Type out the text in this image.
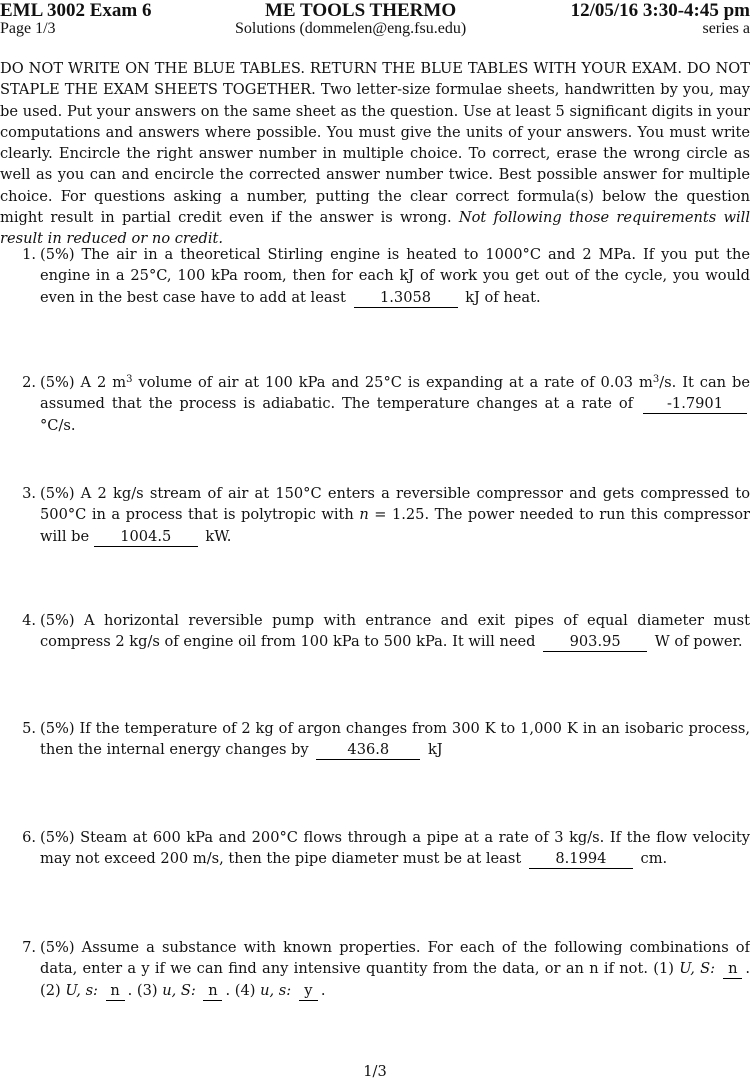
EML 3002 Exam 6
Page 1/3
ME TOOLS THERMO
Solutions (dommelen@eng.fsu.edu)
12/05/16 3:30-4:45 pm
series a
DO NOT WRITE ON THE BLUE TABLES. RETURN THE BLUE TABLES WITH YOUR EXAM. DO NOT STAPLE THE EXAM SHEETS TOGETHER. Two letter-size formulae sheets, handwritten by you, may be used. Put your answers on the same sheet as the question. Use at least 5 significant digits in your computations and answers where possible. You must give the units of your answers. You must write clearly. Encircle the right answer number in multiple choice. To correct, erase the wrong circle as well as you can and encircle the corrected answer number twice. Best possible answer for multiple choice. For questions asking a number, putting the clear correct formula(s) below the question might result in partial credit even if the answer is wrong. Not following those requirements will result in reduced or no credit.
1. (5%) The air in a theoretical Stirling engine is heated to 1000°C and 2 MPa. If you put the engine in a 25°C, 100 kPa room, then for each kJ of work you get out of the cycle, you would even in the best case have to add at least 1.3058 kJ of heat.
2. (5%) A 2 $m^3$ volume of air at 100 kPa and 25°C is expanding at a rate of 0.03 $m^3/s$. It can be assumed that the process is adiabatic. The temperature changes at a rate of -1.7901 °C/s.
3. (5%) A 2 kg/s stream of air at 150°C enters a reversible compressor and gets compressed to 500°C in a process that is polytropic with n = 1.25. The power needed to run this compressor will be 1004.5 kW.
4. (5%) A horizontal reversible pump with entrance and exit pipes of equal diameter must compress 2 kg/s of engine oil from 100 kPa to 500 kPa. It will need 903.95 W of power.
5. (5%) If the temperature of 2 kg of argon changes from 300 K to 1,000 K in an isobaric process, then the internal energy changes by	436.8	kJ
6. (5%) Steam at 600 kPa and 200°C flows through a pipe at a rate of 3 kg/s. If the flow velocity may not exceed 200 m/s, then the pipe diameter must be at least 8.1994 cm.
7. (5%) Assume a substance with known properties. For each of the following combinations of data, enter a y if we can find any intensive quantity from the data, or an n if not. (1) U, S: n . (2) U, s: n . (3) u, S: n . (4) u, s: y .
1/3
